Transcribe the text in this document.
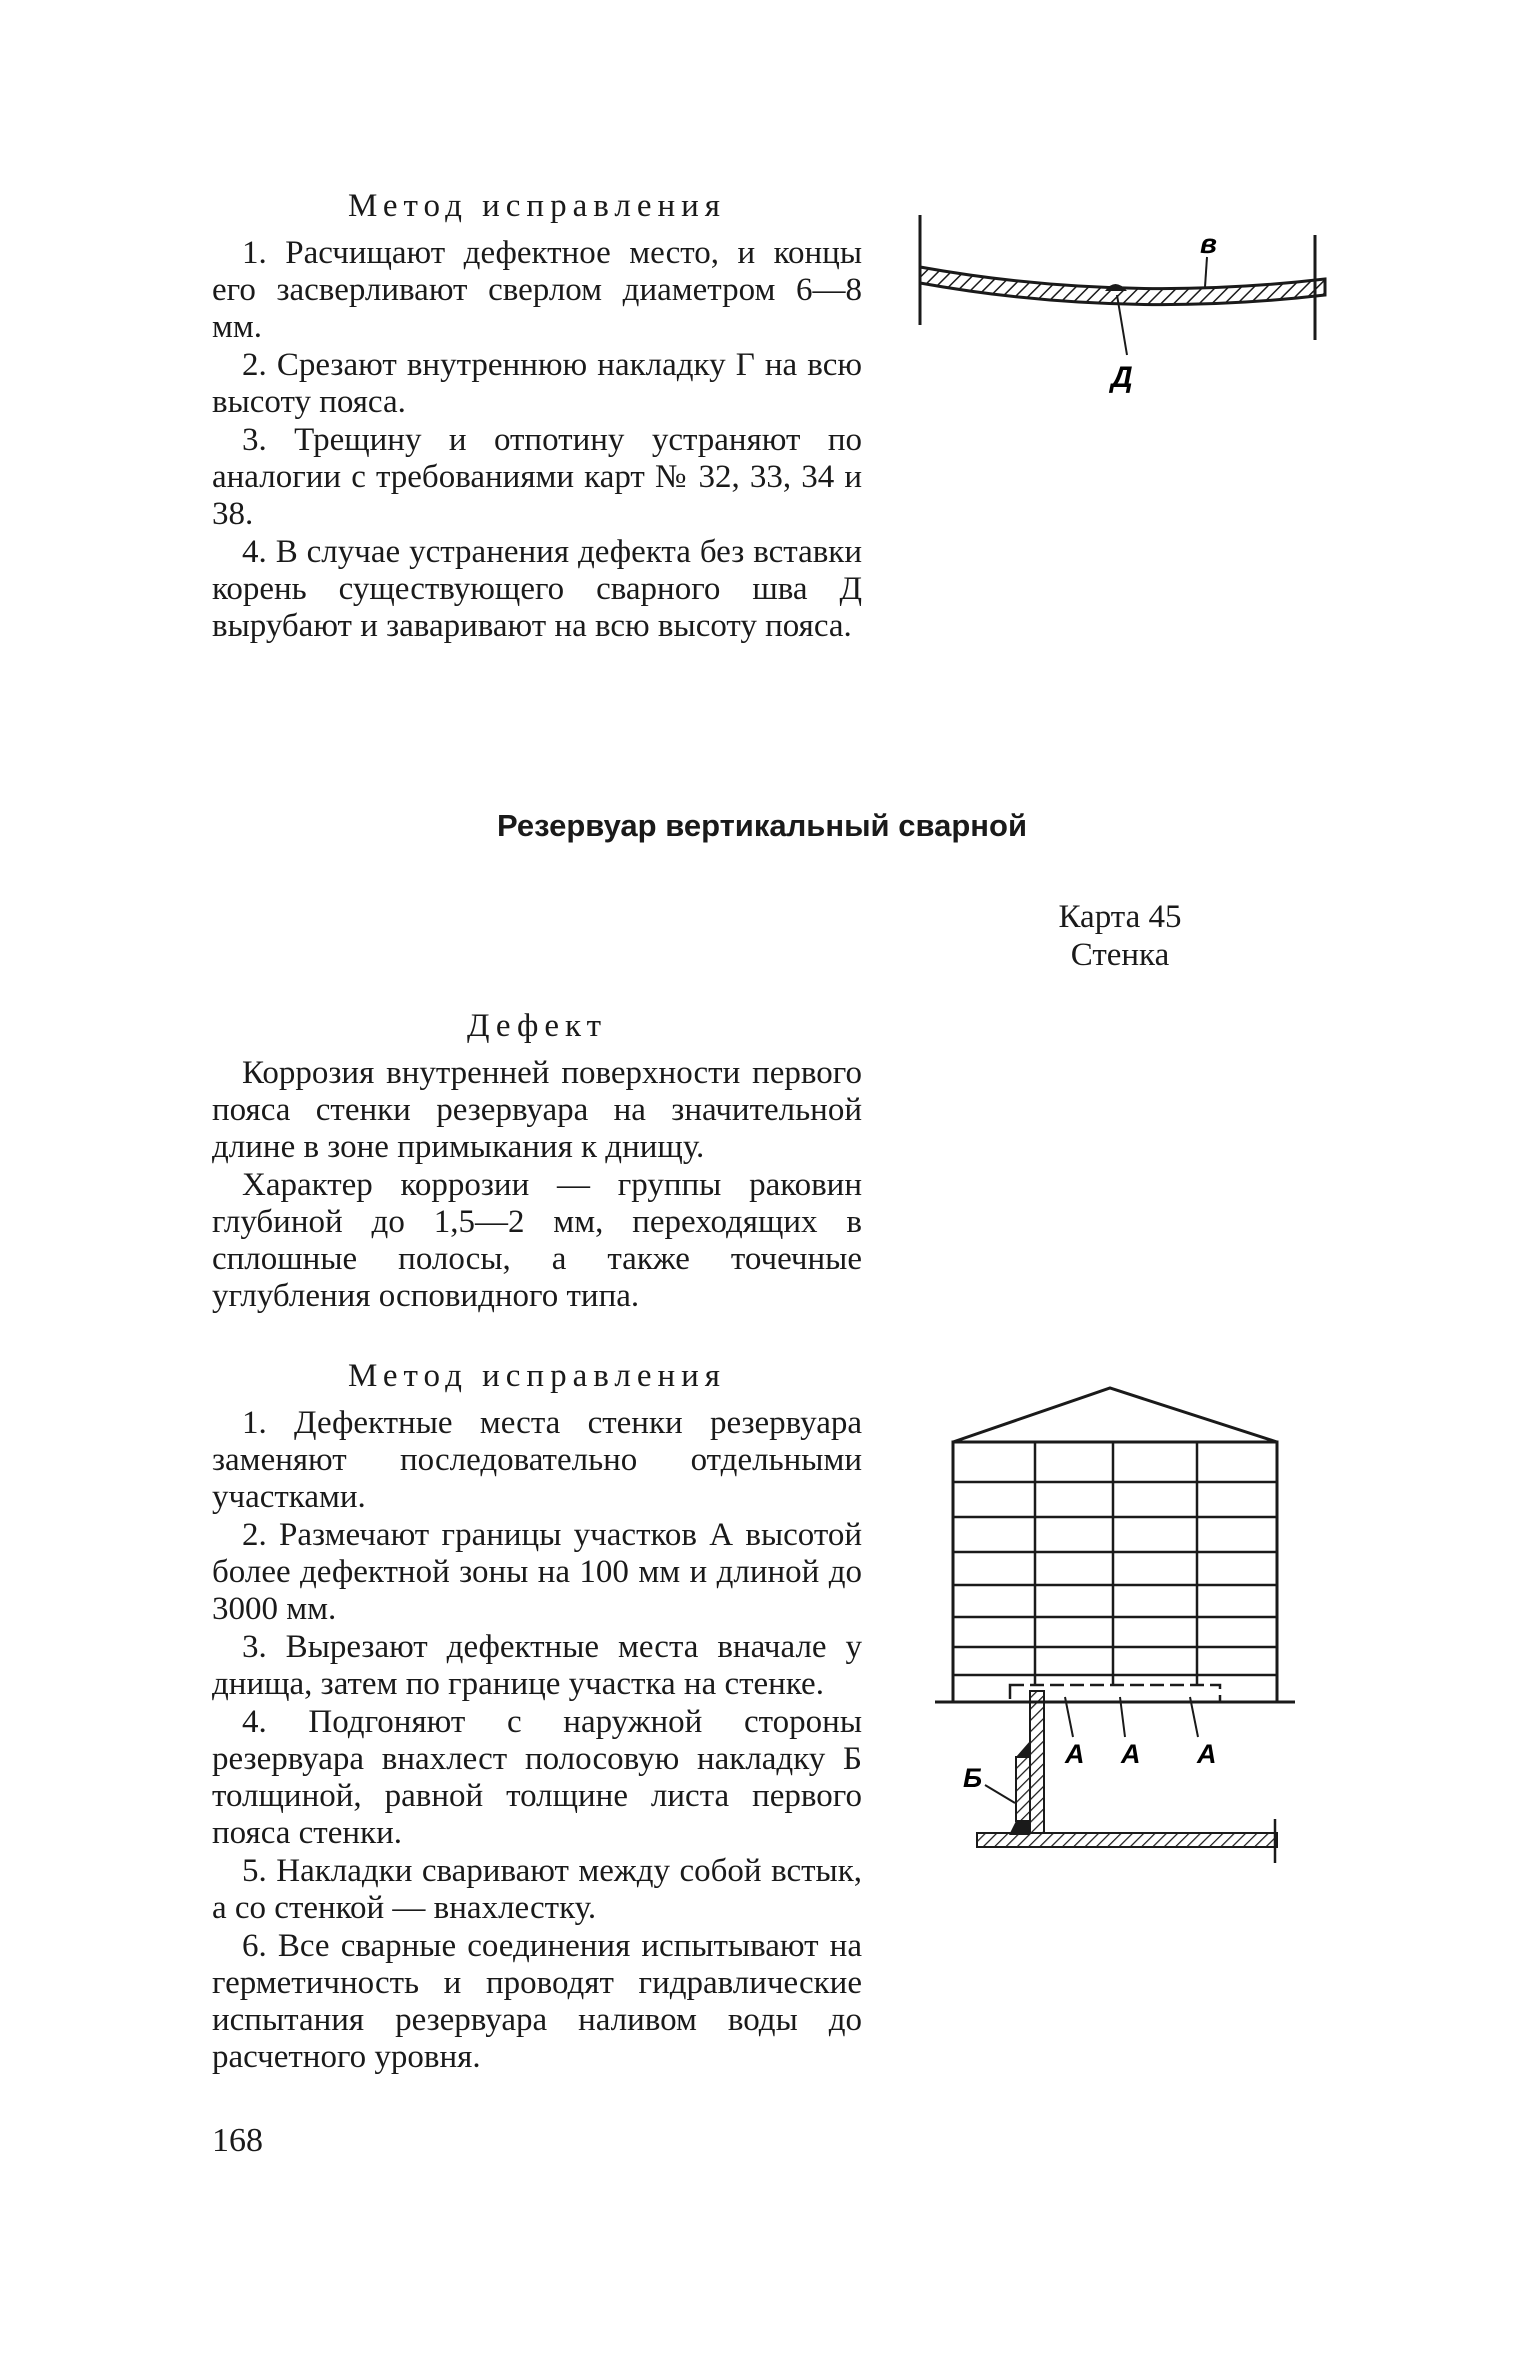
Метод исправления

1. Расчищают дефектное место, и концы его засверливают сверлом диаметром 6—8 мм.

2. Срезают внутреннюю накладку Г на всю высоту пояса.

3. Трещину и отпотину устраняют по аналогии с требованиями карт № 32, 33, 34 и 38.

4. В случае устранения дефекта без вставки корень существующего сварного шва Д вырубают и заваривают на всю высоту пояса.

в
Д
Резервуар вертикальный сварной
Карта 45
Стенка

Дефект

Коррозия внутренней поверхности первого пояса стенки резервуара на значительной длине в зоне примыкания к днищу.

Характер коррозии — группы раковин глубиной до 1,5—2 мм, переходящих в сплошные полосы, а также точечные углубления осповидного типа.

Метод исправления

1. Дефектные места стенки резервуара заменяют последовательно отдельными участками.

2. Размечают границы участков А высотой более дефектной зоны на 100 мм и длиной до 3000 мм.

3. Вырезают дефектные места вначале у днища, затем по границе участка на стенке.

4. Подгоняют с наружной стороны резервуара внахлест полосовую накладку Б толщиной, равной толщине листа первого пояса стенки.

5. Накладки сваривают между собой встык, а со стенкой — внахлестку.

6. Все сварные соединения испытывают на герметичность и проводят гидравлические испытания резервуара наливом воды до расчетного уровня.

А А А
Б
168
